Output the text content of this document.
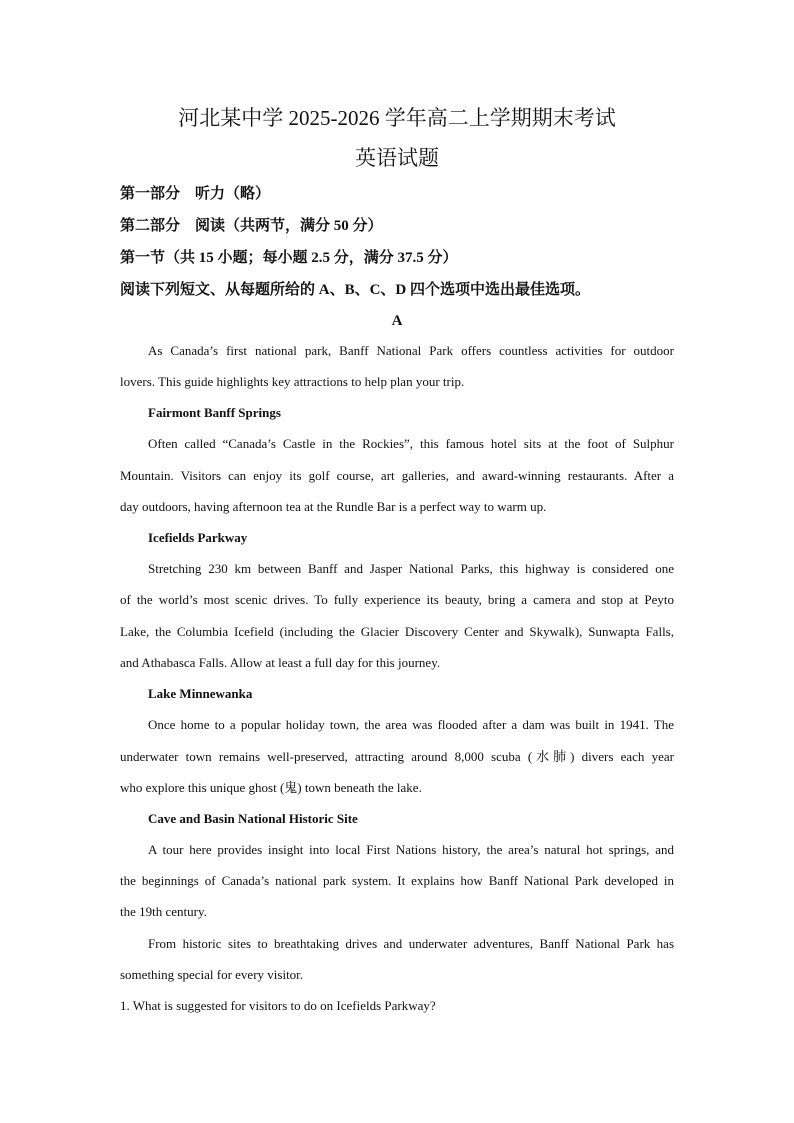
河北某中学 2025-2026 学年高二上学期期末考试
英语试题
第一部分　听力（略）
第二部分　阅读（共两节，满分 50 分）
第一节（共 15 小题；每小题 2.5 分，满分 37.5 分）
阅读下列短文、从每题所给的 A、B、C、D 四个选项中选出最佳选项。
A
As Canada’s first national park, Banff National Park offers countless activities for outdoor
lovers. This guide highlights key attractions to help plan your trip.
Fairmont Banff Springs
Often called “Canada’s Castle in the Rockies”, this famous hotel sits at the foot of Sulphur
Mountain. Visitors can enjoy its golf course, art galleries, and award-winning restaurants. After a
day outdoors, having afternoon tea at the Rundle Bar is a perfect way to warm up.
Icefields Parkway
Stretching 230 km between Banff and Jasper National Parks, this highway is considered one
of the world’s most scenic drives. To fully experience its beauty, bring a camera and stop at Peyto
Lake, the Columbia Icefield (including the Glacier Discovery Center and Skywalk), Sunwapta Falls,
and Athabasca Falls. Allow at least a full day for this journey.
Lake Minnewanka
Once home to a popular holiday town, the area was flooded after a dam was built in 1941. The
underwater town remains well-preserved, attracting around 8,000 scuba (水肺) divers each year
who explore this unique ghost (鬼) town beneath the lake.
Cave and Basin National Historic Site
A tour here provides insight into local First Nations history, the area’s natural hot springs, and
the beginnings of Canada’s national park system. It explains how Banff National Park developed in
the 19th century.
From historic sites to breathtaking drives and underwater adventures, Banff National Park has
something special for every visitor.
1. What is suggested for visitors to do on Icefields Parkway?
